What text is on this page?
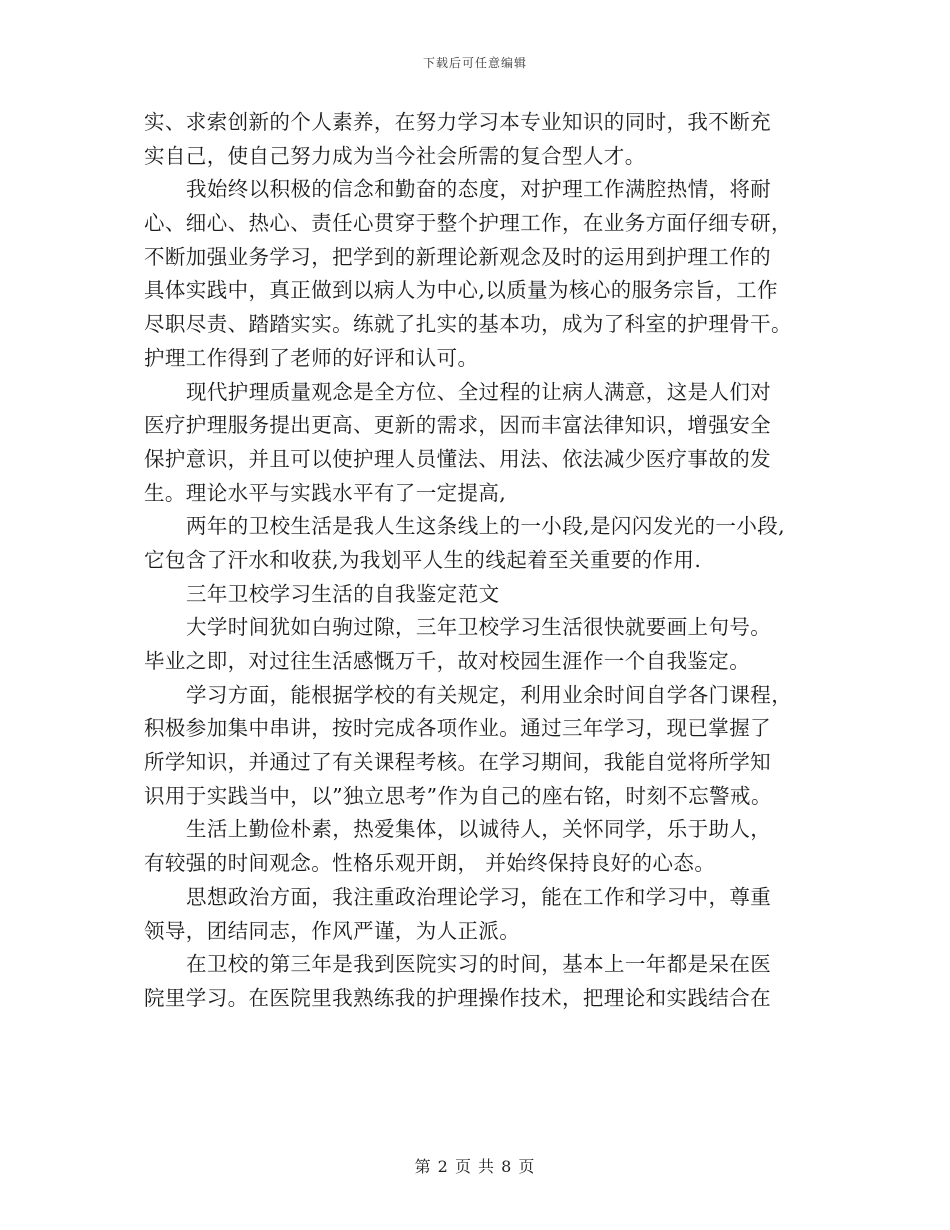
下载后可任意编辑
实、求索创新的个人素养，在努力学习本专业知识的同时，我不断充
实自己，使自己努力成为当今社会所需的复合型人才。
我始终以积极的信念和勤奋的态度，对护理工作满腔热情，将耐
心、细心、热心、责任心贯穿于整个护理工作，在业务方面仔细专研，
不断加强业务学习，把学到的新理论新观念及时的运用到护理工作的
具体实践中，真正做到以病人为中心,以质量为核心的服务宗旨，工作
尽职尽责、踏踏实实。练就了扎实的基本功，成为了科室的护理骨干。
护理工作得到了老师的好评和认可。
现代护理质量观念是全方位、全过程的让病人满意，这是人们对
医疗护理服务提出更高、更新的需求，因而丰富法律知识，增强安全
保护意识，并且可以使护理人员懂法、用法、依法减少医疗事故的发
生。理论水平与实践水平有了一定提高,
两年的卫校生活是我人生这条线上的一小段,是闪闪发光的一小段,
它包含了汗水和收获,为我划平人生的线起着至关重要的作用.
三年卫校学习生活的自我鉴定范文
大学时间犹如白驹过隙，三年卫校学习生活很快就要画上句号。
毕业之即，对过往生活感慨万千，故对校园生涯作一个自我鉴定。
学习方面，能根据学校的有关规定，利用业余时间自学各门课程，
积极参加集中串讲，按时完成各项作业。通过三年学习，现已掌握了
所学知识，并通过了有关课程考核。在学习期间，我能自觉将所学知
识用于实践当中，以”独立思考”作为自己的座右铭，时刻不忘警戒。
生活上勤俭朴素，热爱集体，以诚待人，关怀同学，乐于助人，
有较强的时间观念。性格乐观开朗， 并始终保持良好的心态。
思想政治方面，我注重政治理论学习，能在工作和学习中，尊重
领导，团结同志，作风严谨，为人正派。
在卫校的第三年是我到医院实习的时间，基本上一年都是呆在医
院里学习。在医院里我熟练我的护理操作技术，把理论和实践结合在
第 2 页 共 8 页
